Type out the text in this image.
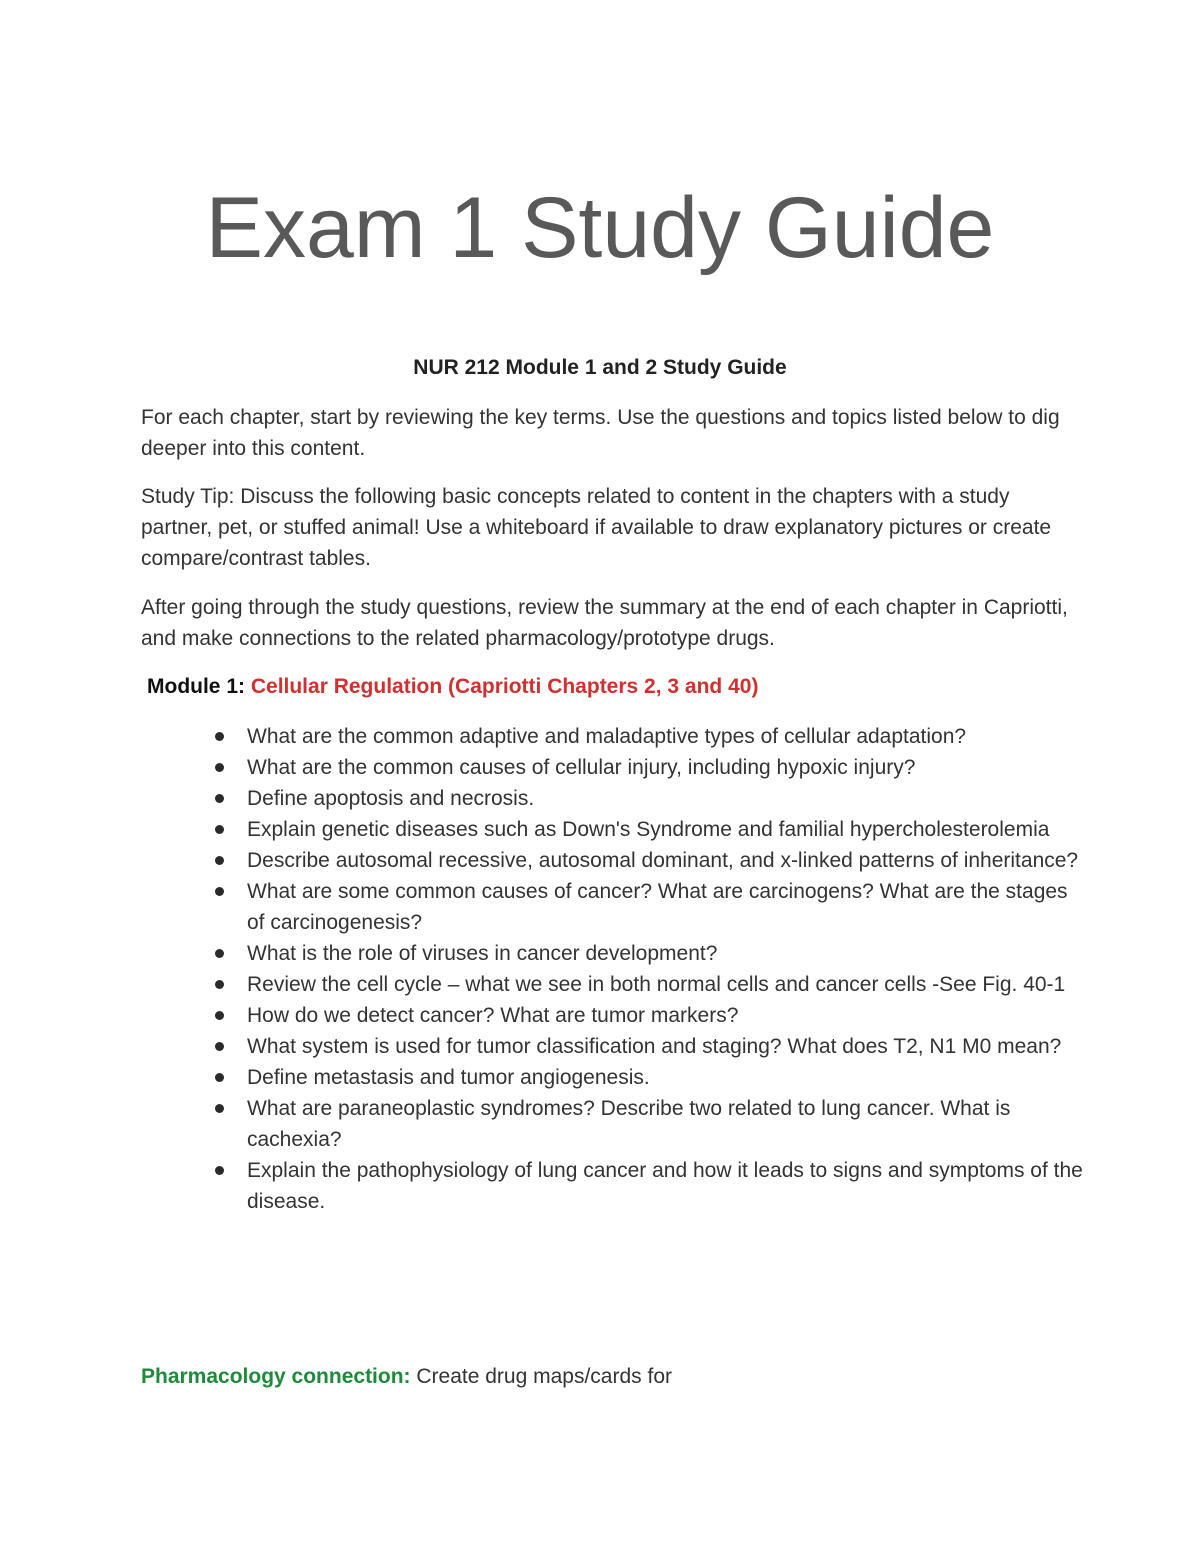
Exam 1 Study Guide
NUR 212 Module 1 and 2 Study Guide

For each chapter, start by reviewing the key terms. Use the questions and topics listed below to dig deeper into this content.

Study Tip: Discuss the following basic concepts related to content in the chapters with a study partner, pet, or stuffed animal! Use a whiteboard if available to draw explanatory pictures or create compare/contrast tables.

After going through the study questions, review the summary at the end of each chapter in Capriotti, and make connections to the related pharmacology/prototype drugs.

Module 1: Cellular Regulation (Capriotti Chapters 2, 3 and 40)
What are the common adaptive and maladaptive types of cellular adaptation?
What are the common causes of cellular injury, including hypoxic injury?
Define apoptosis and necrosis.
Explain genetic diseases such as Down's Syndrome and familial hypercholesterolemia
Describe autosomal recessive, autosomal dominant, and x-linked patterns of inheritance?
What are some common causes of cancer? What are carcinogens? What are the stages of carcinogenesis?
What is the role of viruses in cancer development?
Review the cell cycle – what we see in both normal cells and cancer cells -See Fig. 40-1
How do we detect cancer? What are tumor markers?
What system is used for tumor classification and staging? What does T2, N1 M0 mean?
Define metastasis and tumor angiogenesis.
What are paraneoplastic syndromes? Describe two related to lung cancer. What is cachexia?
Explain the pathophysiology of lung cancer and how it leads to signs and symptoms of the disease.
Pharmacology connection: Create drug maps/cards for
